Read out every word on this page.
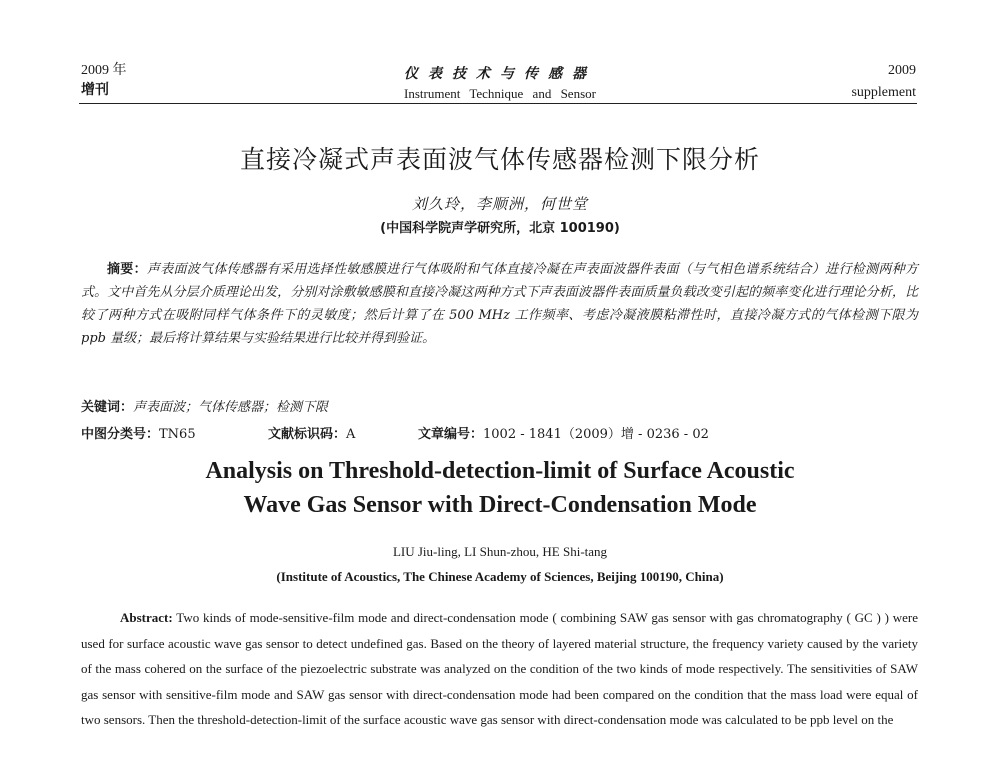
2009 年
增刊
仪表技术与传感器
Instrument Technique and Sensor
2009
supplement
直接冷凝式声表面波气体传感器检测下限分析
刘久玲，李顺洲，何世堂
(中国科学院声学研究所，北京 100190)
摘要：声表面波气体传感器有采用选择性敏感膜进行气体吸附和气体直接冷凝在声表面波器件表面（与气相色谱系统结合）进行检测两种方式。文中首先从分层介质理论出发，分别对涂敷敏感膜和直接冷凝这两种方式下声表面波器件表面质量负载改变引起的频率变化进行理论分析，比较了两种方式在吸附同样气体条件下的灵敏度；然后计算了在 500 MHz 工作频率、考虑冷凝液膜粘滞性时，直接冷凝方式的气体检测下限为 ppb 量级；最后将计算结果与实验结果进行比较并得到验证。
关键词：声表面波；气体传感器；检测下限
中图分类号：TN65	文献标识码：A	文章编号：1002 - 1841（2009）增 - 0236 - 02
Analysis on Threshold-detection-limit of Surface Acoustic
Wave Gas Sensor with Direct-Condensation Mode
LIU Jiu-ling, LI Shun-zhou, HE Shi-tang
(Institute of Acoustics, The Chinese Academy of Sciences, Beijing 100190, China)
Abstract: Two kinds of mode-sensitive-film mode and direct-condensation mode ( combining SAW gas sensor with gas chromatography ( GC ) ) were used for surface acoustic wave gas sensor to detect undefined gas. Based on the theory of layered material structure, the frequency variety caused by the variety of the mass cohered on the surface of the piezoelectric substrate was analyzed on the condition of the two kinds of mode respectively. The sensitivities of SAW gas sensor with sensitive-film mode and SAW gas sensor with direct-condensation mode had been compared on the condition that the mass load were equal of two sensors. Then the threshold-detection-limit of the surface acoustic wave gas sensor with direct-condensation mode was calculated to be ppb level on the
